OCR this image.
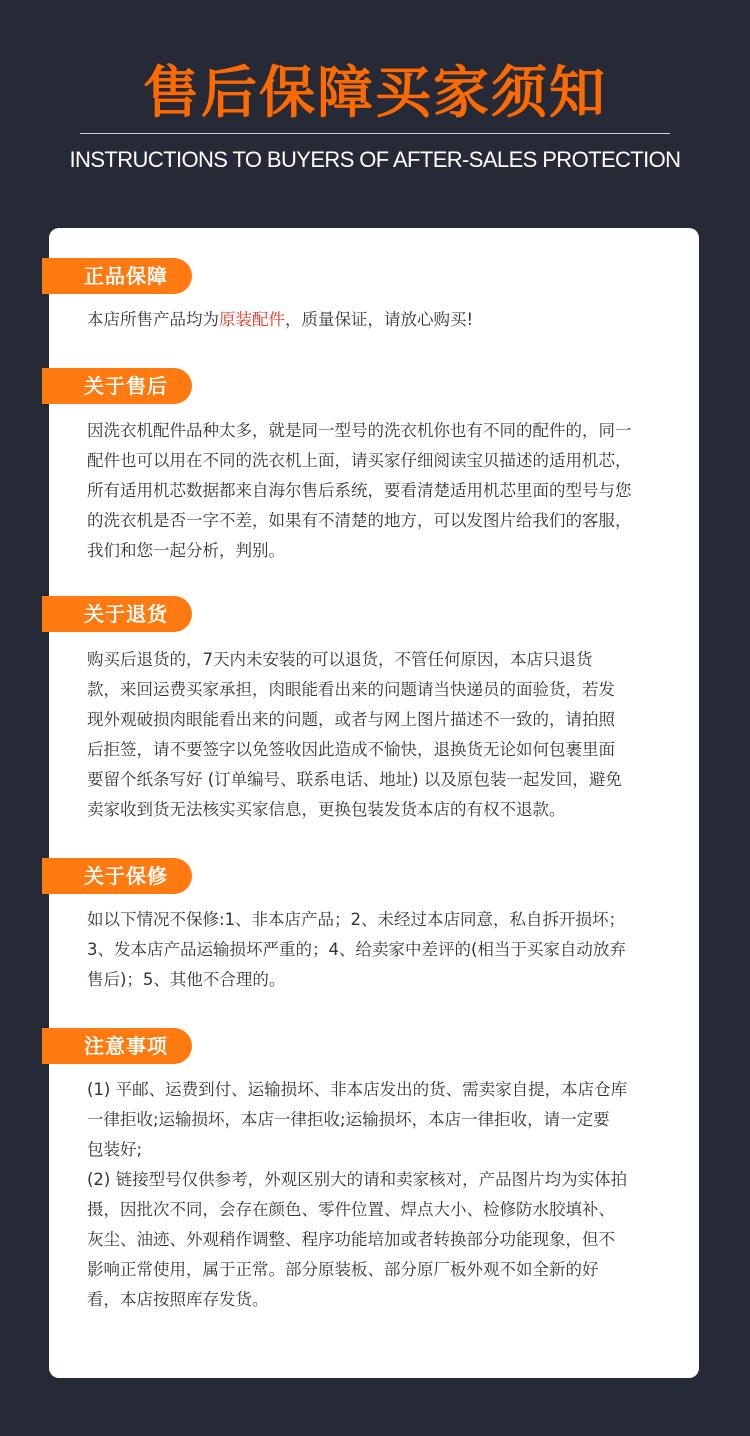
售后保障买家须知
INSTRUCTIONS TO BUYERS OF AFTER-SALES PROTECTION
正品保障

本店所售产品均为原装配件，质量保证，请放心购买!

关于售后
因洗衣机配件品种太多，就是同一型号的洗衣机你也有不同的配件的，同一
配件也可以用在不同的洗衣机上面，请买家仔细阅读宝贝描述的适用机芯，
所有适用机芯数据都来自海尔售后系统，要看清楚适用机芯里面的型号与您
的洗衣机是否一字不差，如果有不清楚的地方，可以发图片给我们的客服，
我们和您一起分析，判别。
关于退货
购买后退货的，7天内未安装的可以退货，不管任何原因，本店只退货
款，来回运费买家承担，肉眼能看出来的问题请当快递员的面验货，若发
现外观破损肉眼能看出来的问题，或者与网上图片描述不一致的，请拍照
后拒签，请不要签字以免签收因此造成不愉快，退换货无论如何包裹里面
要留个纸条写好 (订单编号、联系电话、地址) 以及原包装一起发回，避免
卖家收到货无法核实买家信息，更换包装发货本店的有权不退款。
关于保修
如以下情况不保修:1、非本店产品；2、未经过本店同意，私自拆开损坏；
3、发本店产品运输损坏严重的；4、给卖家中差评的(相当于买家自动放弃
售后)；5、其他不合理的。
注意事项
(1) 平邮、运费到付、运输损坏、非本店发出的货、需卖家自提，本店仓库
一律拒收;运输损坏，本店一律拒收;运输损坏，本店一律拒收，请一定要
包装好;
(2) 链接型号仅供参考，外观区别大的请和卖家核对，产品图片均为实体拍
摄，因批次不同，会存在颜色、零件位置、焊点大小、检修防水胶填补、
灰尘、油迹、外观稍作调整、程序功能培加或者转换部分功能现象，但不
影响正常使用，属于正常。部分原装板、部分原厂板外观不如全新的好
看，本店按照库存发货。
